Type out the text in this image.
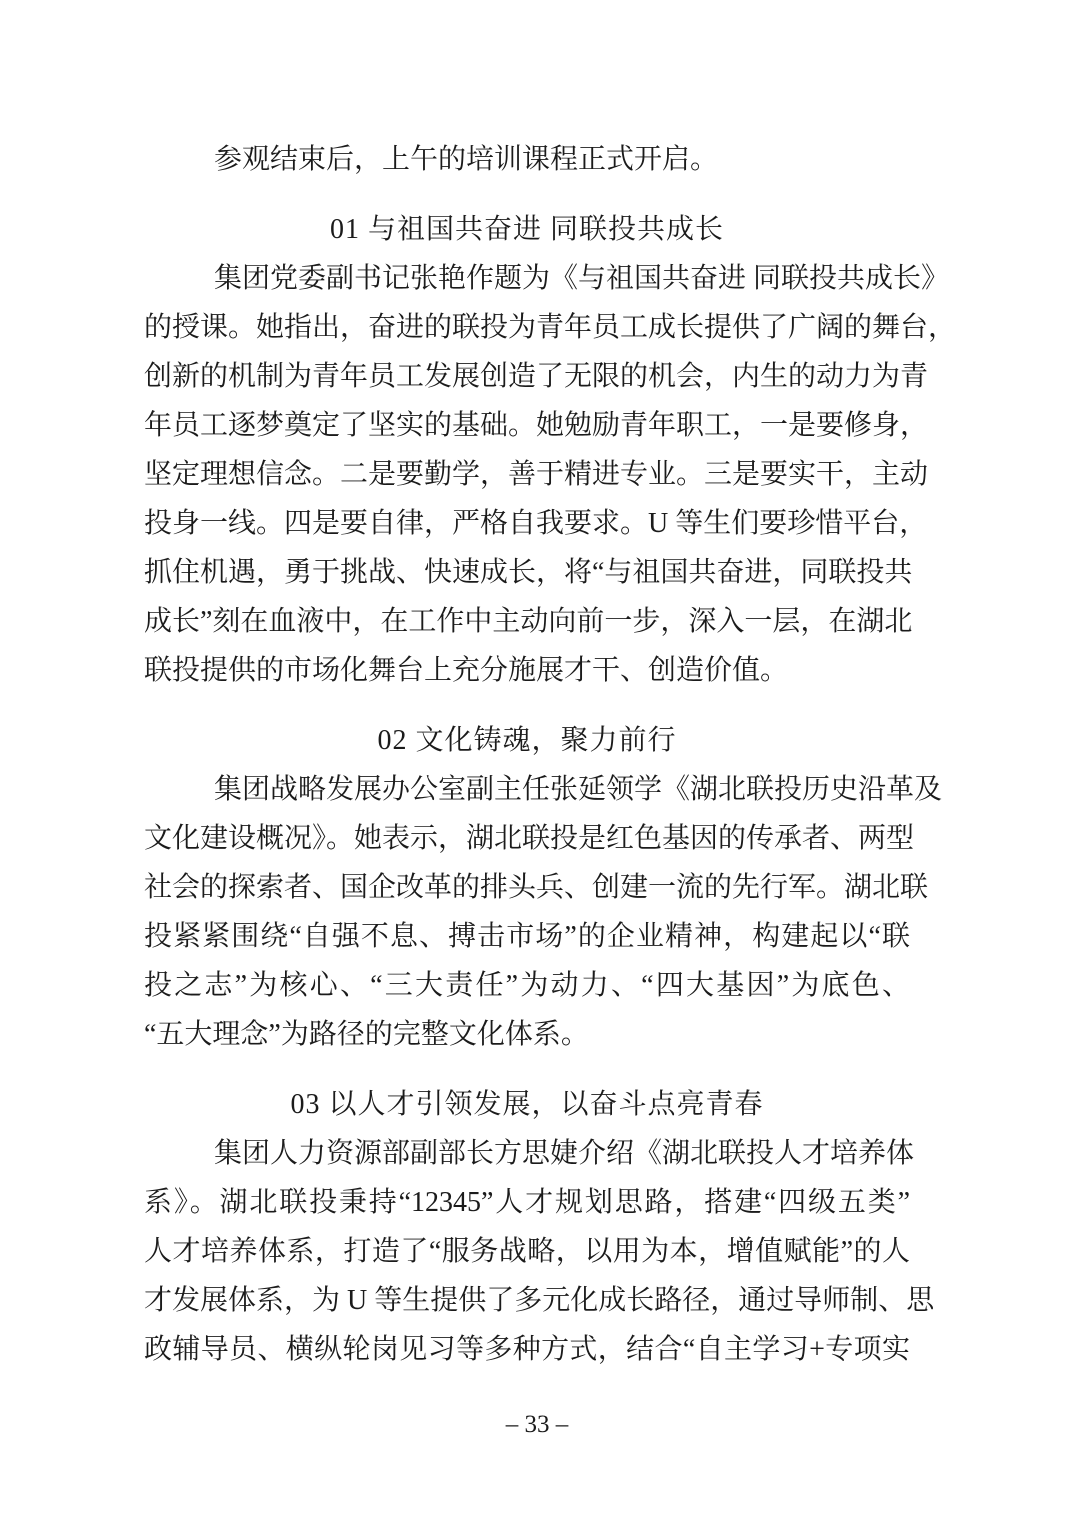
参观结束后，上午的培训课程正式开启。
01 与祖国共奋进 同联投共成长
集团党委副书记张艳作题为《与祖国共奋进 同联投共成长》
的授课。她指出，奋进的联投为青年员工成长提供了广阔的舞台，
创新的机制为青年员工发展创造了无限的机会，内生的动力为青
年员工逐梦奠定了坚实的基础。她勉励青年职工，一是要修身，
坚定理想信念。二是要勤学，善于精进专业。三是要实干，主动
投身一线。四是要自律，严格自我要求。U 等生们要珍惜平台，
抓住机遇，勇于挑战、快速成长，将“与祖国共奋进，同联投共
成长”刻在血液中，在工作中主动向前一步，深入一层，在湖北
联投提供的市场化舞台上充分施展才干、创造价值。
02 文化铸魂，聚力前行
集团战略发展办公室副主任张延领学《湖北联投历史沿革及
文化建设概况》。她表示，湖北联投是红色基因的传承者、两型
社会的探索者、国企改革的排头兵、创建一流的先行军。湖北联
投紧紧围绕“自强不息、搏击市场”的企业精神，构建起以“联
投之志”为核心、“三大责任”为动力、“四大基因”为底色、
“五大理念”为路径的完整文化体系。
03 以人才引领发展，以奋斗点亮青春
集团人力资源部副部长方思婕介绍《湖北联投人才培养体
系》。湖北联投秉持“12345”人才规划思路，搭建“四级五类”
人才培养体系，打造了“服务战略，以用为本，增值赋能”的人
才发展体系，为 U 等生提供了多元化成长路径，通过导师制、思
政辅导员、横纵轮岗见习等多种方式，结合“自主学习+专项实
– 33 –
